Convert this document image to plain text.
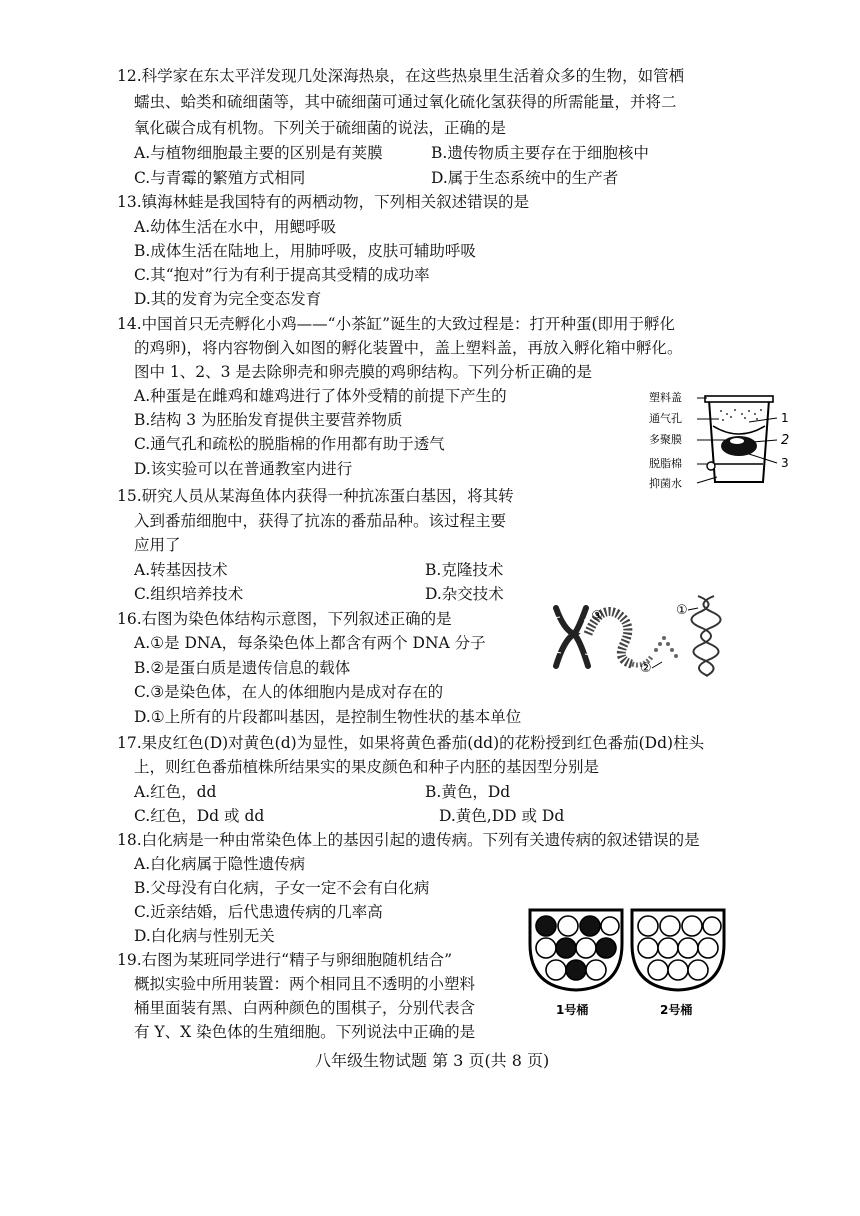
12.科学家在东太平洋发现几处深海热泉，在这些热泉里生活着众多的生物，如管栖
蠕虫、蛤类和硫细菌等，其中硫细菌可通过氧化硫化氢获得的所需能量，并将二
氧化碳合成有机物。下列关于硫细菌的说法，正确的是
A.与植物细胞最主要的区别是有荚膜	B.遗传物质主要存在于细胞核中
C.与青霉的繁殖方式相同	D.属于生态系统中的生产者
13.镇海林蛙是我国特有的两栖动物，下列相关叙述错误的是
A.幼体生活在水中，用鳃呼吸
B.成体生活在陆地上，用肺呼吸，皮肤可辅助呼吸
C.其“抱对”行为有利于提高其受精的成功率
D.其的发育为完全变态发育
14.中国首只无壳孵化小鸡——“小茶缸”诞生的大致过程是：打开种蛋(即用于孵化
的鸡卵)，将内容物倒入如图的孵化装置中，盖上塑料盖，再放入孵化箱中孵化。
图中 1、2、3 是去除卵壳和卵壳膜的鸡卵结构。下列分析正确的是
A.种蛋是在雌鸡和雄鸡进行了体外受精的前提下产生的
B.结构 3 为胚胎发育提供主要营养物质
C.通气孔和疏松的脱脂棉的作用都有助于透气
D.该实验可以在普通教室内进行
塑料盖
通气孔
多聚膜
脱脂棉
抑菌水
1
2
3
15.研究人员从某海鱼体内获得一种抗冻蛋白基因，将其转
入到番茄细胞中，获得了抗冻的番茄品种。该过程主要
应用了
A.转基因技术	B.克隆技术
C.组织培养技术	D.杂交技术
16.右图为染色体结构示意图，下列叙述正确的是
A.①是 DNA，每条染色体上都含有两个 DNA 分子
B.②是蛋白质是遗传信息的载体
C.③是染色体，在人的体细胞内是成对存在的
D.①上所有的片段都叫基因，是控制生物性状的基本单位
③	①
②
17.果皮红色(D)对黄色(d)为显性，如果将黄色番茄(dd)的花粉授到红色番茄(Dd)柱头
上，则红色番茄植株所结果实的果皮颜色和种子内胚的基因型分别是
A.红色，dd	B.黄色，Dd
C.红色，Dd 或 dd	D.黄色,DD 或 Dd
18.白化病是一种由常染色体上的基因引起的遗传病。下列有关遗传病的叙述错误的是
A.白化病属于隐性遗传病
B.父母没有白化病，子女一定不会有白化病
C.近亲结婚，后代患遗传病的几率高
D.白化病与性别无关
19.右图为某班同学进行“精子与卵细胞随机结合”
概拟实验中所用装置：两个相同且不透明的小塑料
桶里面装有黑、白两种颜色的围棋子，分别代表含
有 Y、X 染色体的生殖细胞。下列说法中正确的是
1号桶	2号桶
八年级生物试题 第 3 页(共 8 页)
